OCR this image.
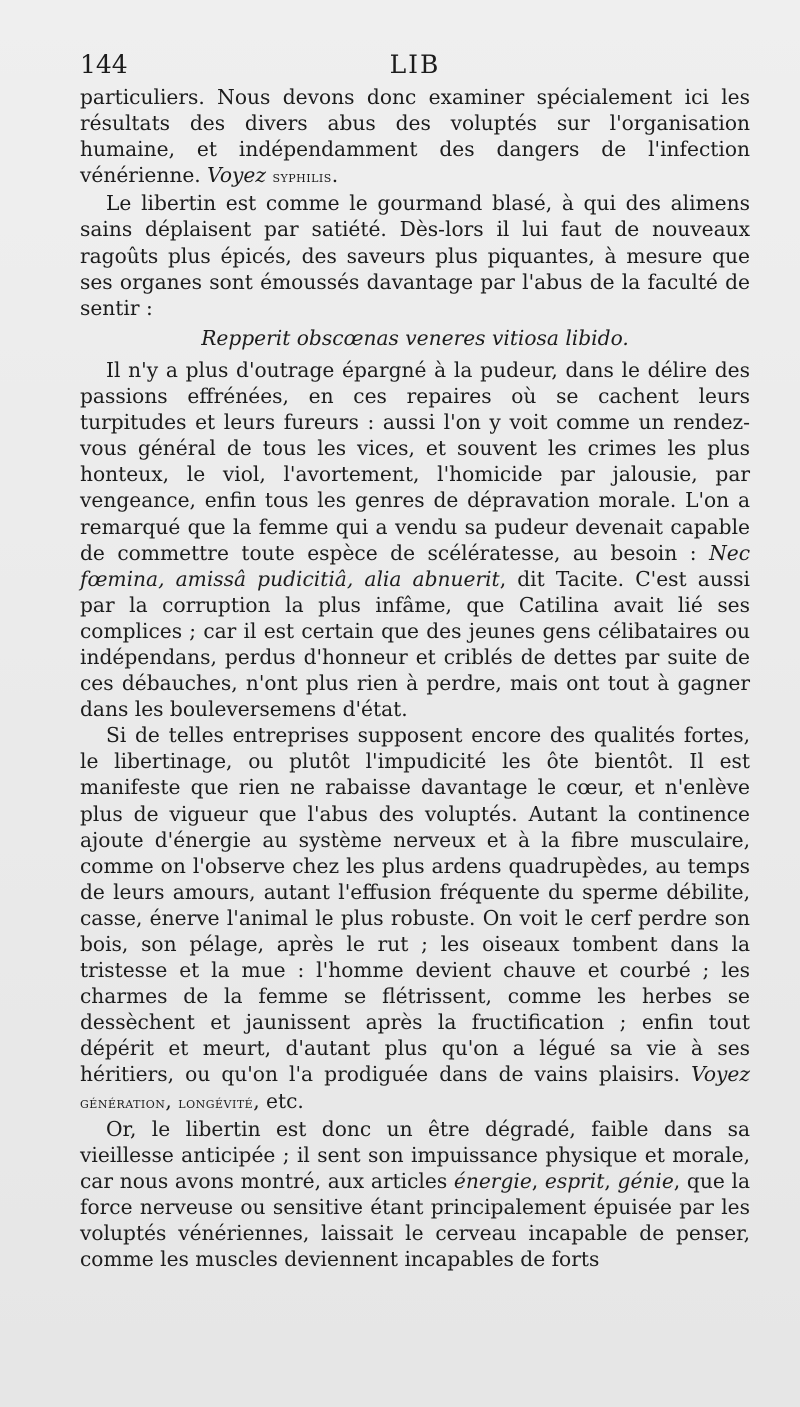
144	LIB

particuliers. Nous devons donc examiner spécialement ici les résultats des divers abus des voluptés sur l'organisation humaine, et indépendamment des dangers de l'infection vénérienne. Voyez syphilis.

Le libertin est comme le gourmand blasé, à qui des alimens sains déplaisent par satiété. Dès-lors il lui faut de nouveaux ragoûts plus épicés, des saveurs plus piquantes, à mesure que ses organes sont émoussés davantage par l'abus de la faculté de sentir :

Repperit obscœnas veneres vitiosa libido.

Il n'y a plus d'outrage épargné à la pudeur, dans le délire des passions effrénées, en ces repaires où se cachent leurs turpitudes et leurs fureurs : aussi l'on y voit comme un rendez-vous général de tous les vices, et souvent les crimes les plus honteux, le viol, l'avortement, l'homicide par jalousie, par vengeance, enfin tous les genres de dépravation morale. L'on a remarqué que la femme qui a vendu sa pudeur devenait capable de commettre toute espèce de scélératesse, au besoin : Nec fœmina, amissâ pudicitiâ, alia abnuerit, dit Tacite. C'est aussi par la corruption la plus infâme, que Catilina avait lié ses complices ; car il est certain que des jeunes gens célibataires ou indépendans, perdus d'honneur et criblés de dettes par suite de ces débauches, n'ont plus rien à perdre, mais ont tout à gagner dans les bouleversemens d'état.

Si de telles entreprises supposent encore des qualités fortes, le libertinage, ou plutôt l'impudicité les ôte bientôt. Il est manifeste que rien ne rabaisse davantage le cœur, et n'enlève plus de vigueur que l'abus des voluptés. Autant la continence ajoute d'énergie au système nerveux et à la fibre musculaire, comme on l'observe chez les plus ardens quadrupèdes, au temps de leurs amours, autant l'effusion fréquente du sperme débilite, casse, énerve l'animal le plus robuste. On voit le cerf perdre son bois, son pélage, après le rut ; les oiseaux tombent dans la tristesse et la mue : l'homme devient chauve et courbé ; les charmes de la femme se flétrissent, comme les herbes se dessèchent et jaunissent après la fructification ; enfin tout dépérit et meurt, d'autant plus qu'on a légué sa vie à ses héritiers, ou qu'on l'a prodiguée dans de vains plaisirs. Voyez génération, longévité, etc.

Or, le libertin est donc un être dégradé, faible dans sa vieillesse anticipée ; il sent son impuissance physique et morale, car nous avons montré, aux articles énergie, esprit, génie, que la force nerveuse ou sensitive étant principalement épuisée par les voluptés vénériennes, laissait le cerveau incapable de penser, comme les muscles deviennent incapables de forts
